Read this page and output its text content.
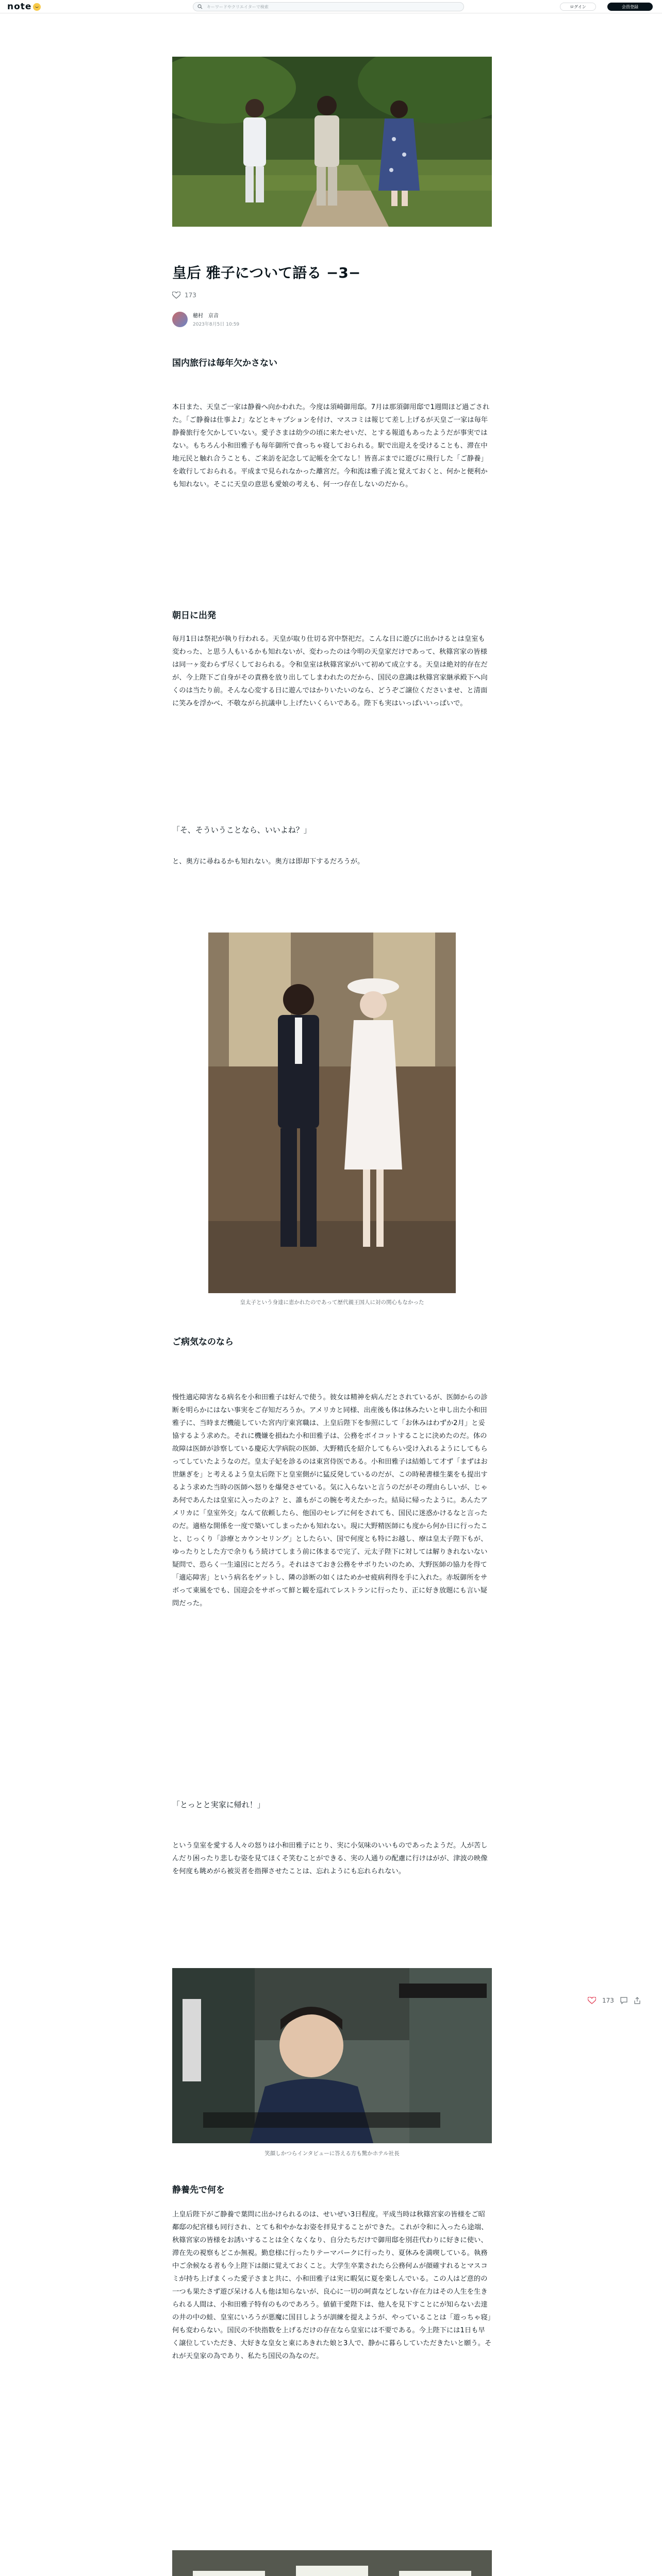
note	キーワードやクリエイターで検索	ログイン	会員登録
皇后 雅子について語る −3−
173
穂村　京音
2023年8月5日 10:59
国内旅行は毎年欠かさない
本日また、天皇ご一家は静養へ向かわれた。今度は須崎御用邸。7月は那須御用邸で1週間ほど過ごされた。「ご静養は仕事よ♪」などとキャプションを付け、マスコミは報じて差し上げるが天皇ご一家は毎年静養旅行を欠かしていない。愛子さまは幼少の頃に来たせいだ、とする報道もあったようだが事実ではない。もちろん小和田雅子も毎年御所で食っちゃ寝しておられる。駅で出迎えを受けることも、滞在中地元民と触れ合うことも、ご来訪を記念して記帳を全てなし！皆喜ぶまでに遊びに飛行した「ご静養」を敢行しておられる。平成まで見られなかった離宮だ。今和流は雅子流と覚えておくと、何かと便利かも知れない。そこに天皇の意思も愛娘の考えも、何一つ存在しないのだから。
朝日に出発
毎月1日は祭祀が執り行われる。天皇が取り仕切る宮中祭祀だ。こんな日に遊びに出かけるとは皇室も変わった、と思う人もいるかも知れないが、変わったのは今明の天皇家だけであって、秋篠宮家の皆様は同一ヶ変わらず尽くしておられる。令和皇室は秋篠宮家がいて初めて成立する。天皇は絶対的存在だが、今上陛下ご自身がその責務を放り出してしまわれたのだから、国民の意識は秋篠宮家継承殿下へ向くのは当たり前。そんな心変する日に遊んではかりいたいのなら、どうぞご譲位くださいませ、と清面に笑みを浮かべ、不敬ながら抗議申し上げたいくらいである。陛下も実はいっぱいいっぱいで。
「そ、そういうことなら、いいよね？」
と、奥方に尋ねるかも知れない。奥方は即却下するだろうが。
皇太子という身達に恵かれたのであって歴代親王国人に対の関心もなかった
ご病気なのなら
慢性適応障害なる病名を小和田雅子は好んで使う。彼女は精神を病んだとされているが、医師からの診断を明らかにはない事実をご存知だろうか。アメリカと同様、出産後も体は休みたいと申し出た小和田雅子に、当時まだ機能していた宮内庁東宮職は、上皇后陛下を参照にして「お休みはわずか2月」と妥協するよう求めた。それに機嫌を損ねた小和田雅子は、公務をボイコットすることに決めたのだ。体の故障は医師が診察している慶応大学病院の医師、大野精氏を紹介してもらい受け入れるようにしてもらってしていたようなのだ。皇太子妃を診るのは東宮侍医である。小和田雅子は結婚して才ず「まずはお世継ぎを」と考えるよう皇太后陛下と皇室側がに猛反発しているのだが、この時秘書様生薬をも提出するよう求めた当時の医師へ怒りを爆発させている。気に入らないと言うのだがその理由らしいが、じゃあ何であんたは皇室に入ったのよ？と、誰もがこの腕を考えたかった。結局に帰ったように。あんたアメリカに「皇室外交」なんて依頼したら、他国のセレブに何をされても、国民に迷惑かけるなと言ったのだ。適格な開係を一度で築いてしまったかも知れない。現に大野精医師にも度から何か日に行ったこと、じっくり「診療とカウンセリング」としたらい、国で何度とも特にお越し、療は皇太子陛下もが、ゆったりとした方で余りもう続けてしまう前に体まるで完了、元太子陛下に対しては解りきれないない疑問で、恐らく一生遠因にとだろう。それはさておき公務をサボりたいのため、大野医師の協力を得て「適応障害」という病名をゲットし、隣の診断の如くはためかせ疲病利得を手に入れた。赤坂御所をサボって東風をでも、国迎会をサボって鮮と観を巡れてレストランに行ったり、正に好き放題にも言い疑問だった。
「とっとと実家に帰れ！」
という皇室を愛する人々の怒りは小和田雅子にとり、実に小気味のいいものであったようだ。人が苦しんだり困ったり悲しむ姿を見てほくそ笑むことができる、実の人通りの配慮に行けはがが、津波の映像を何度も眺めがら被災者を指揮させたことは、忘れようにも忘れられない。
笑顔しかつらインタビューに答える方も驚かホテル社長
静養先で何を
上皇后陛下がご静養で葉問に出かけられるのは、せいぜい3日程度。平成当時は秋篠宮家の皆様をご昭鄰邸の紀宮様も同行され、とても和やかなお姿を拝見することができた。これが令和に入ったら途端、秋篠宮家の皆様をお誘いすることは全くなくなり、自分たちだけで御用邸を別荘代わりに好きに使い、滞在先の視察もどこか無視。勤怠様に行ったりテーマパークに行ったり、夏休みを満喫している。執務中ご余候なる者も今上陛下は顔に覚えておくこと。大学生卒業されたら公務何ムが顔確すれるとマスコミが持ち上げまくった愛子さまと共に、小和田雅子は実に暇気に夏を楽しんでいる。この人はど意的の一つも果たさず遊び呆ける人も他は知らないが、良心に一切の呵責などしない存在力はその人生を生きられる人間は、小和田雅子特有のものであろう。値値干愛陛下は、他人を見下すことにが知らない去達の井の中の蛙、皇室にいろうが悪魔に国目しようが訓練を提えようが、やっていることは「遊っちゃ寝」何も変わらない。国民の不快指数を上げるだけの存在なら皇室には不要である。今上陛下には1日も早く譲位していただき、大好きな皇女と東にあきれた娘と3人で、静かに暮らしていただきたいと願う。それが天皇家の為であり、私たち国民の為なのだ。
173
